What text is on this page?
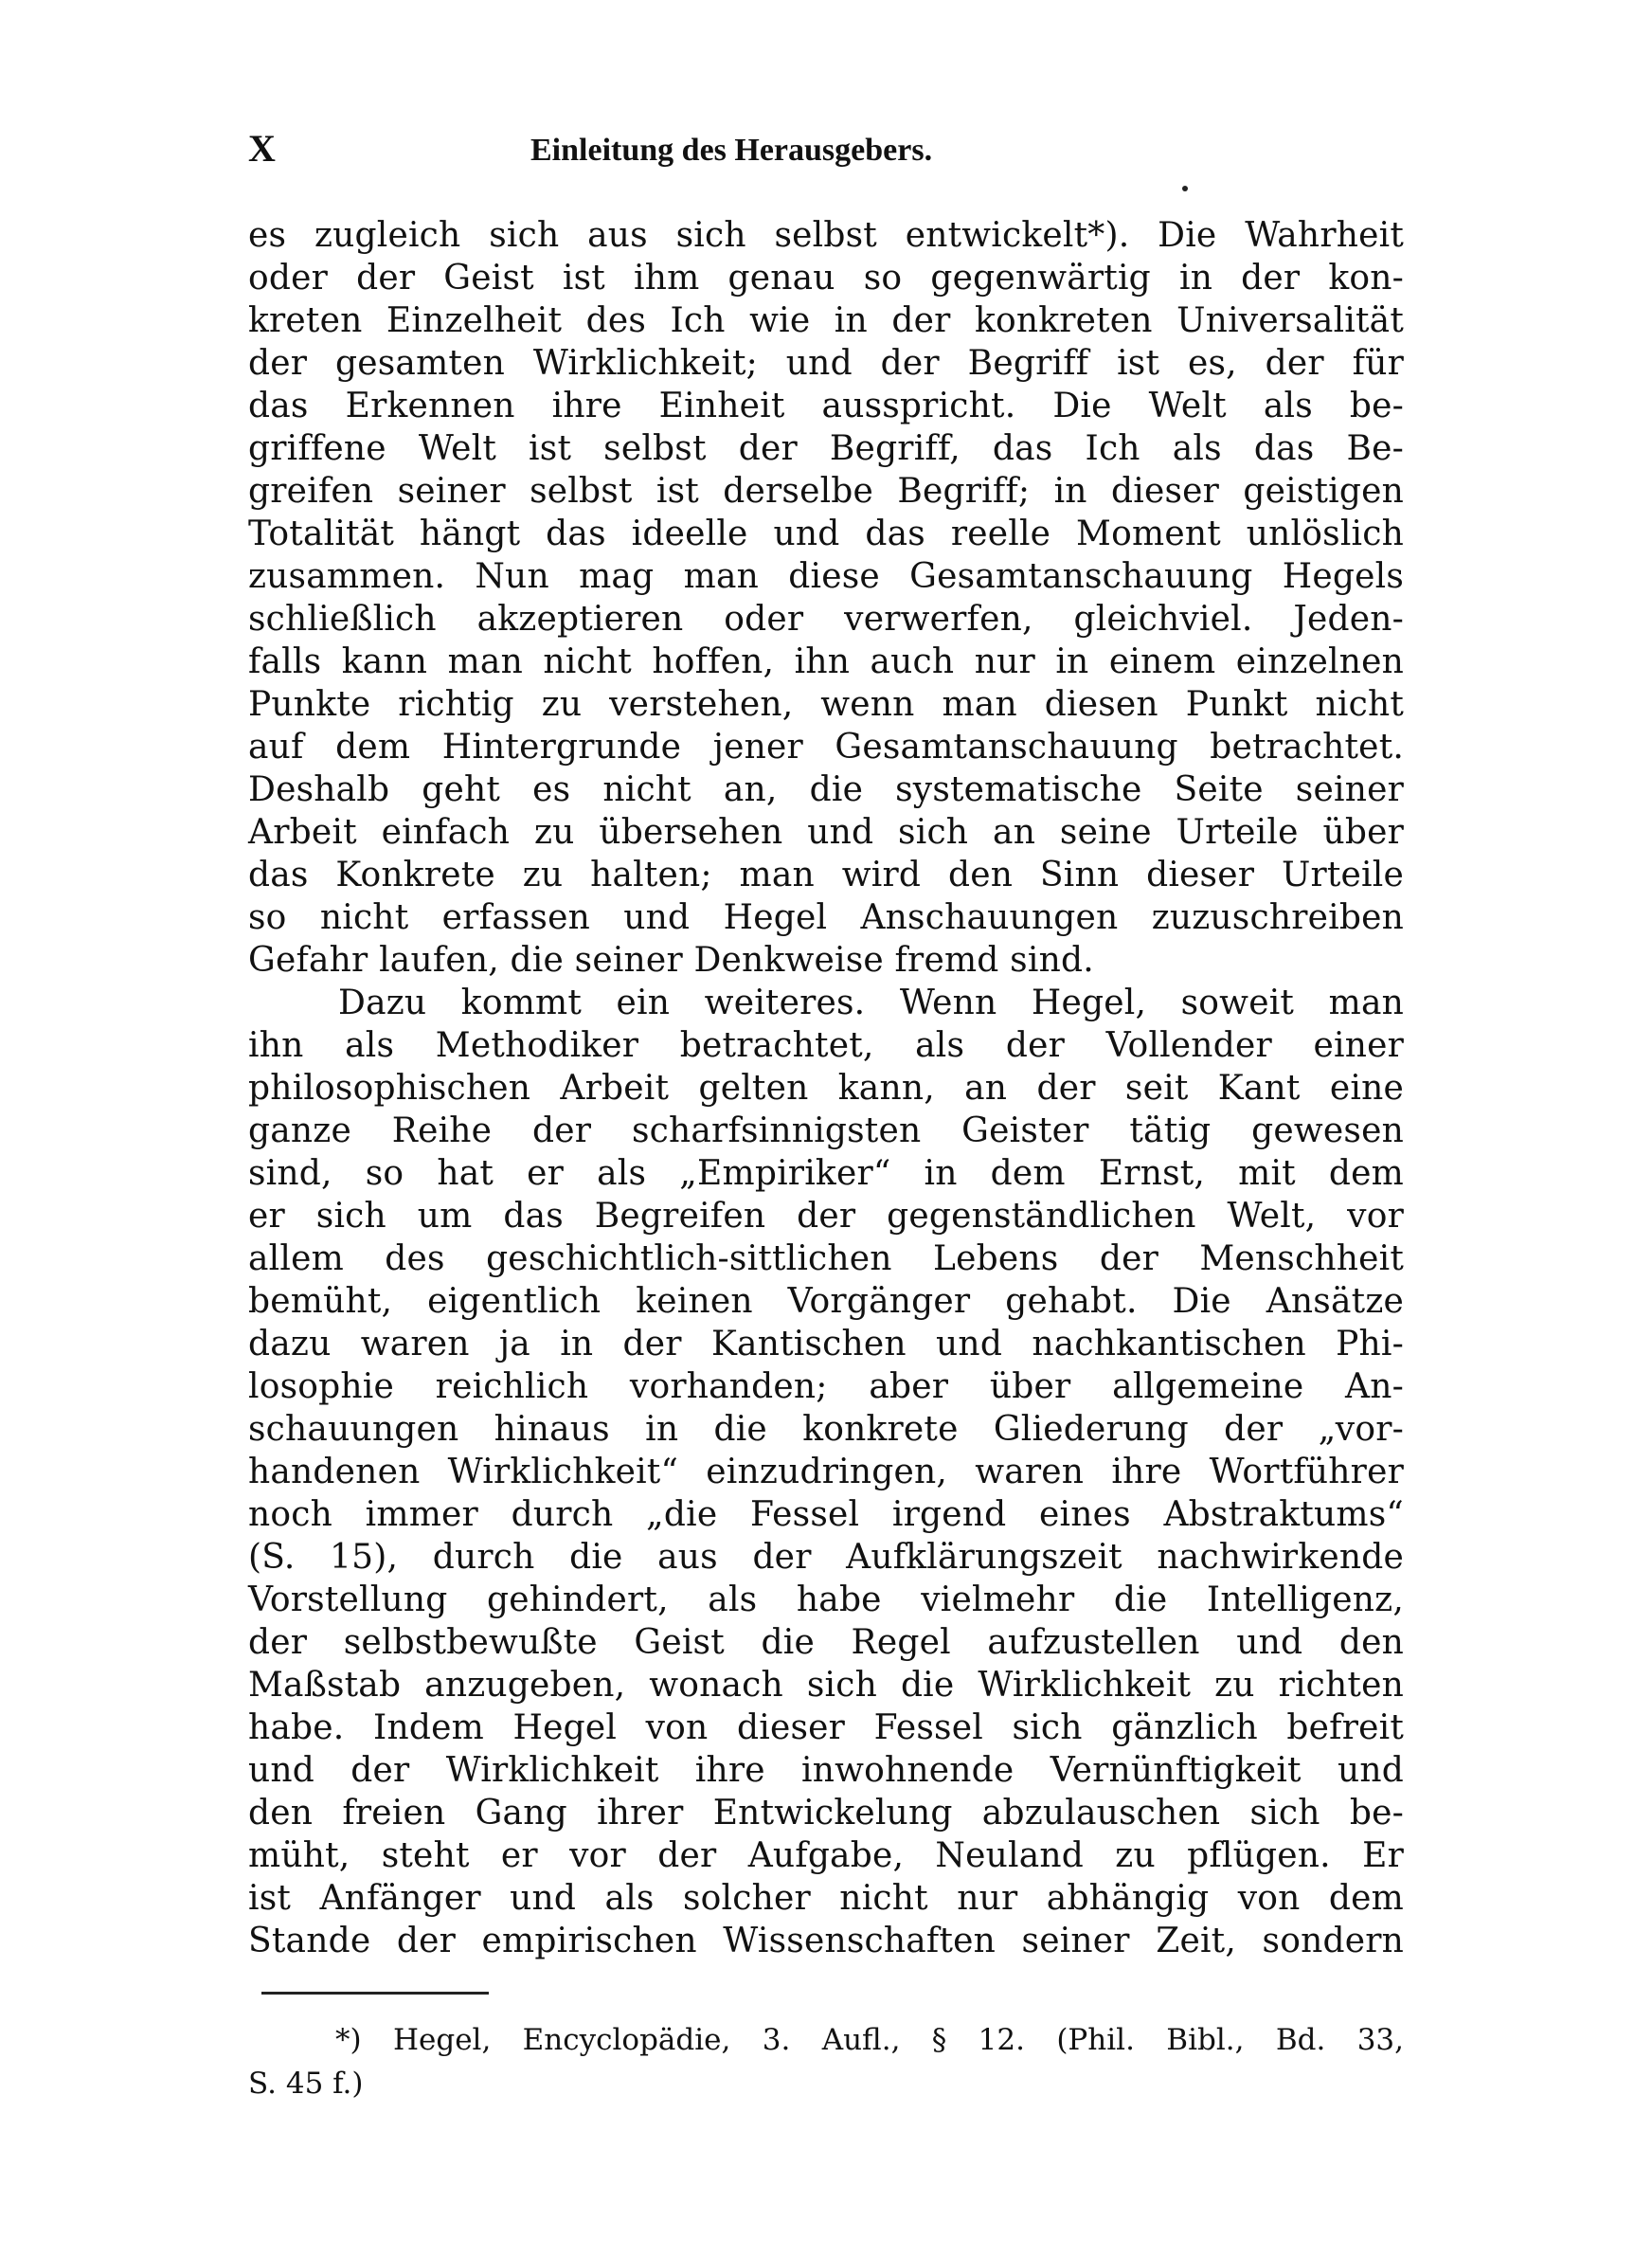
X	Einleitung des Herausgebers.
es zugleich sich aus sich selbst entwickelt*). Die Wahrheit
oder der Geist ist ihm genau so gegenwärtig in der kon-
kreten Einzelheit des Ich wie in der konkreten Universalität
der gesamten Wirklichkeit; und der Begriff ist es, der für
das Erkennen ihre Einheit ausspricht. Die Welt als be-
griffene Welt ist selbst der Begriff, das Ich als das Be-
greifen seiner selbst ist derselbe Begriff; in dieser geistigen
Totalität hängt das ideelle und das reelle Moment unlöslich
zusammen. Nun mag man diese Gesamtanschauung Hegels
schließlich akzeptieren oder verwerfen, gleichviel. Jeden-
falls kann man nicht hoffen, ihn auch nur in einem einzelnen
Punkte richtig zu verstehen, wenn man diesen Punkt nicht
auf dem Hintergrunde jener Gesamtanschauung betrachtet.
Deshalb geht es nicht an, die systematische Seite seiner
Arbeit einfach zu übersehen und sich an seine Urteile über
das Konkrete zu halten; man wird den Sinn dieser Urteile
so nicht erfassen und Hegel Anschauungen zuzuschreiben
Gefahr laufen, die seiner Denkweise fremd sind.
Dazu kommt ein weiteres. Wenn Hegel, soweit man
ihn als Methodiker betrachtet, als der Vollender einer
philosophischen Arbeit gelten kann, an der seit Kant eine
ganze Reihe der scharfsinnigsten Geister tätig gewesen
sind, so hat er als „Empiriker“ in dem Ernst, mit dem
er sich um das Begreifen der gegenständlichen Welt, vor
allem des geschichtlich-sittlichen Lebens der Menschheit
bemüht, eigentlich keinen Vorgänger gehabt. Die Ansätze
dazu waren ja in der Kantischen und nachkantischen Phi-
losophie reichlich vorhanden; aber über allgemeine An-
schauungen hinaus in die konkrete Gliederung der „vor-
handenen Wirklichkeit“ einzudringen, waren ihre Wortführer
noch immer durch „die Fessel irgend eines Abstraktums“
(S. 15), durch die aus der Aufklärungszeit nachwirkende
Vorstellung gehindert, als habe vielmehr die Intelligenz,
der selbstbewußte Geist die Regel aufzustellen und den
Maßstab anzugeben, wonach sich die Wirklichkeit zu richten
habe. Indem Hegel von dieser Fessel sich gänzlich befreit
und der Wirklichkeit ihre inwohnende Vernünftigkeit und
den freien Gang ihrer Entwickelung abzulauschen sich be-
müht, steht er vor der Aufgabe, Neuland zu pflügen. Er
ist Anfänger und als solcher nicht nur abhängig von dem
Stande der empirischen Wissenschaften seiner Zeit, sondern
*) Hegel, Encyclopädie, 3. Aufl., § 12. (Phil. Bibl., Bd. 33,
S. 45 f.)
